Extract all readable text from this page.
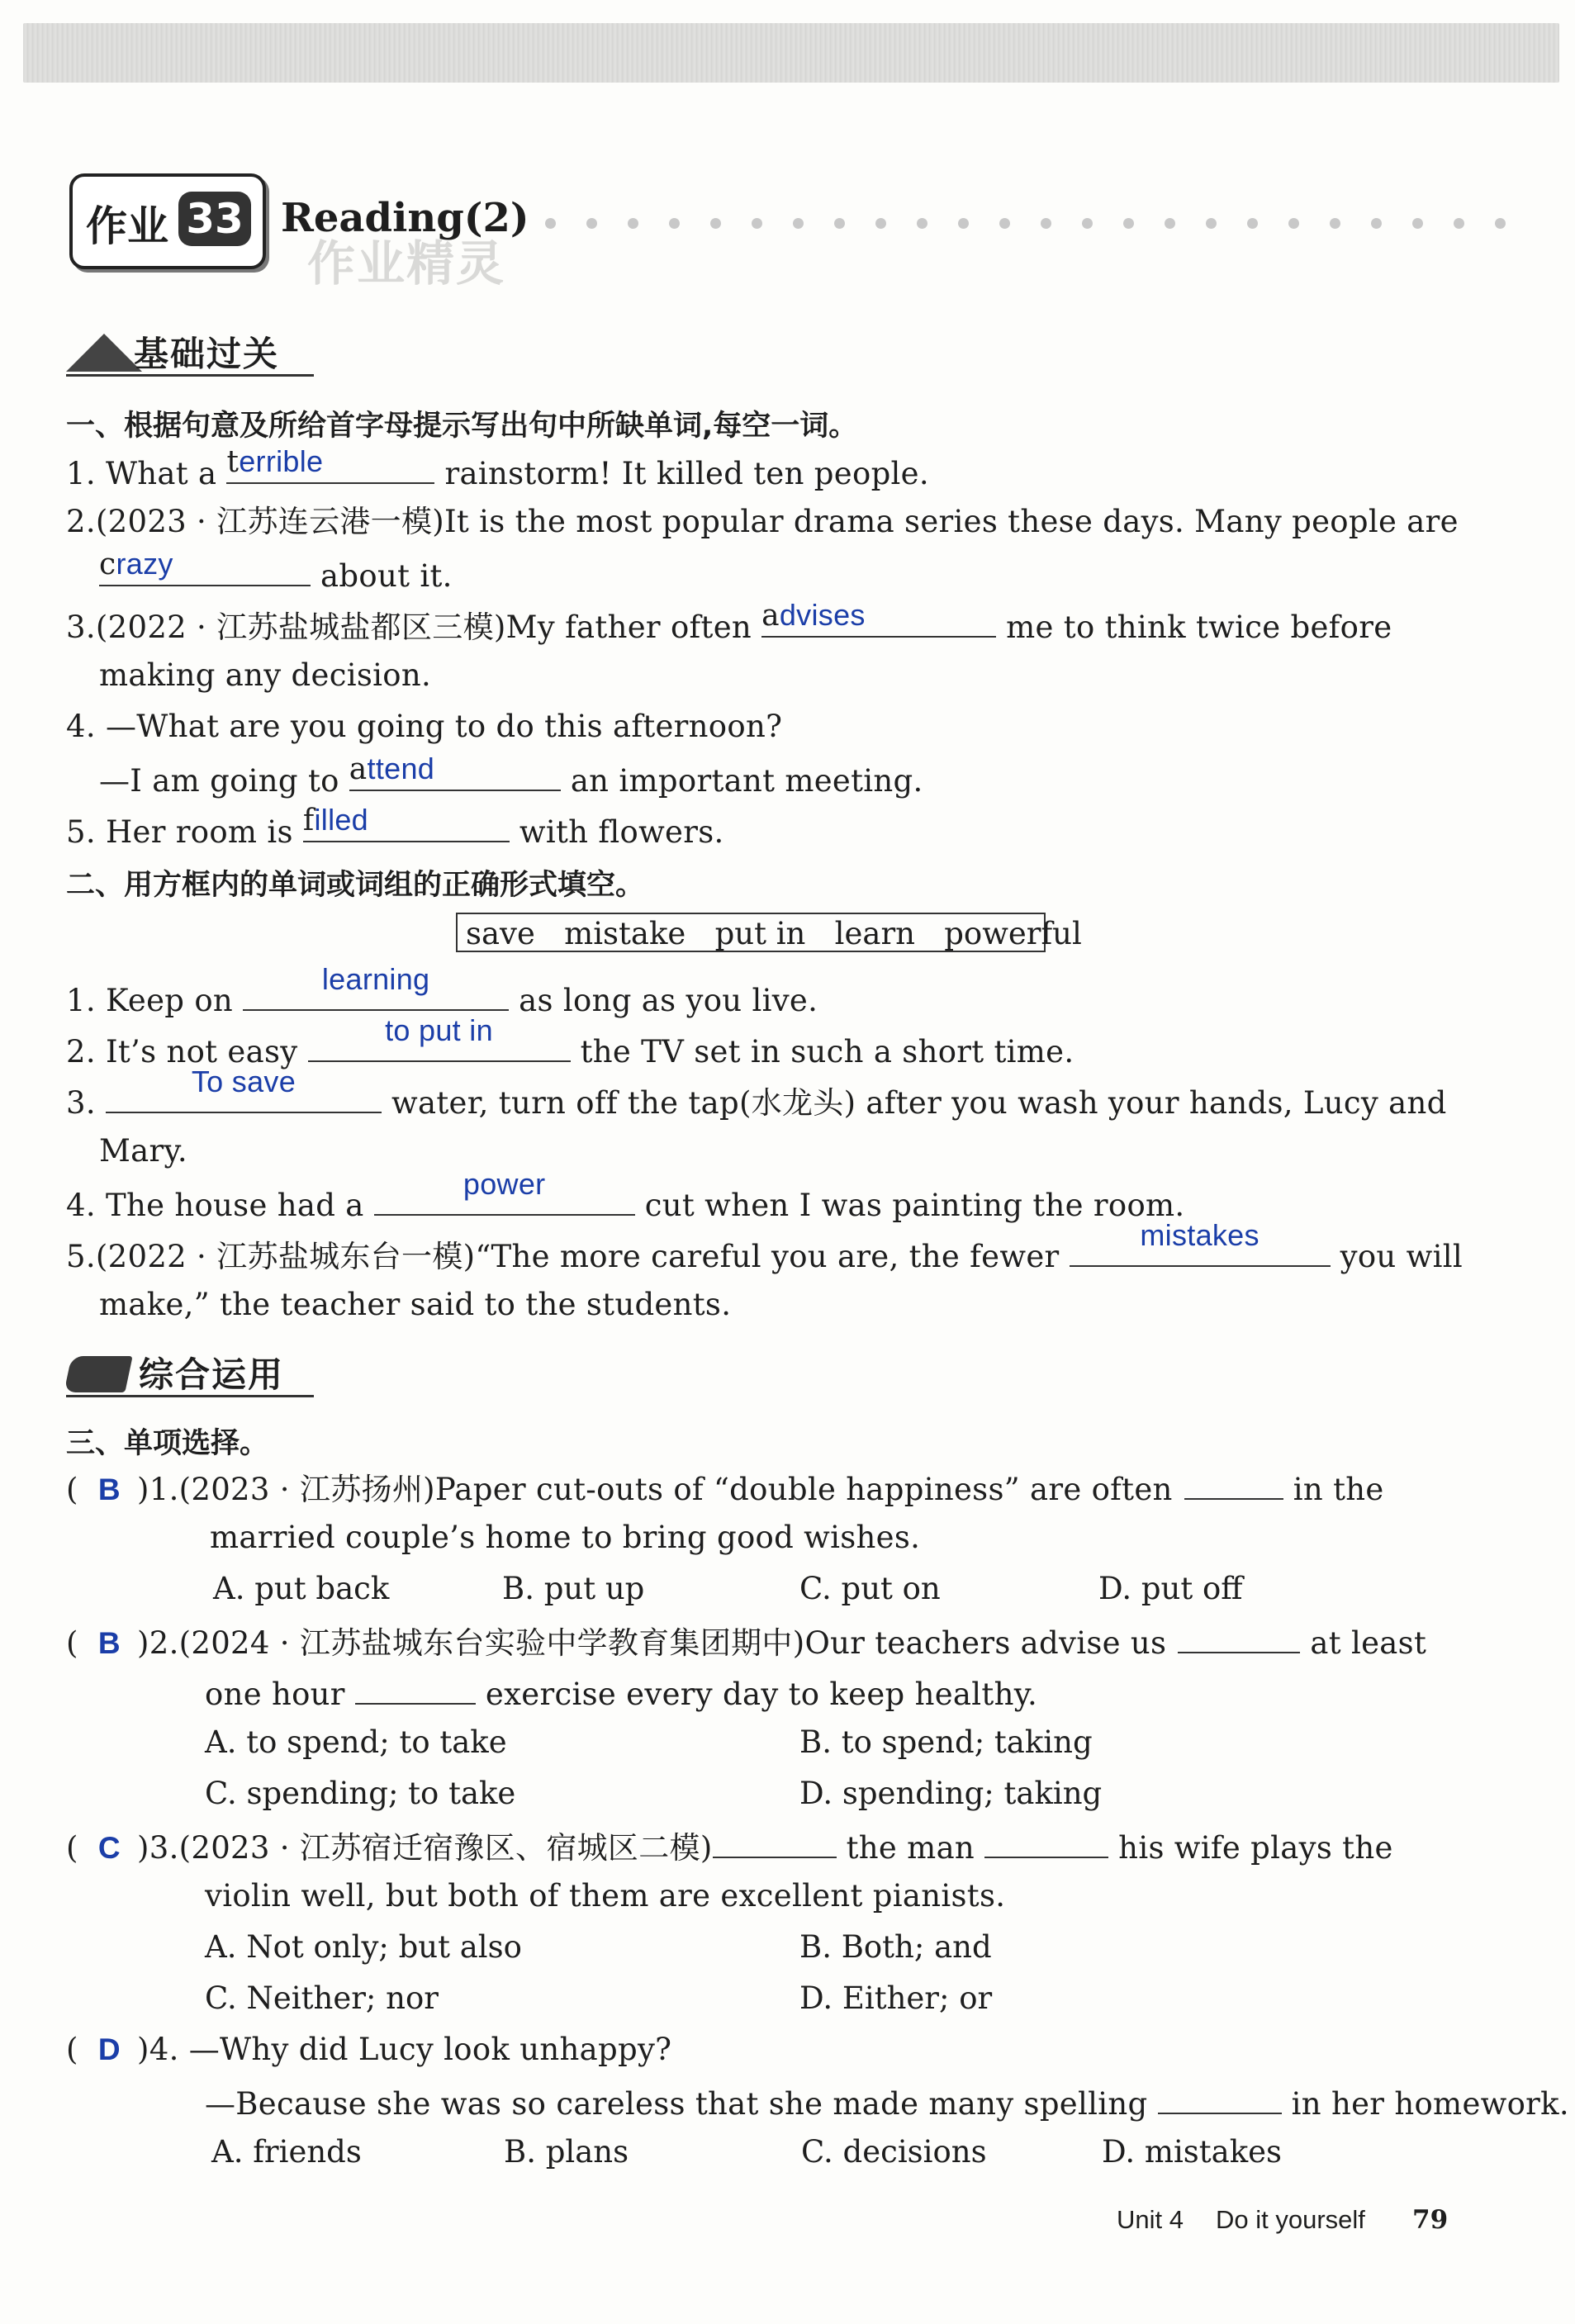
作业 33 Reading(2)
作业精灵
基础过关
一、根据句意及所给首字母提示写出句中所缺单词,每空一词。
1. What a terrible	rainstorm! It killed ten people.
2.(2023 · 江苏连云港一模)It is the most popular drama series these days. Many people are
crazy	about it.
3.(2022 · 江苏盐城盐都区三模)My father often advises	me to think twice before
making any decision.
4. —What are you going to do this afternoon?
—I am going to attend	an important meeting.
5. Her room is filled	with flowers.
二、用方框内的单词或词组的正确形式填空。
save   mistake   put in   learn   powerful
1. Keep on
learning
as long as you live.
2. It’s not easy
to put in
the TV set in such a short time.
3.
To save
water, turn off the tap(水龙头) after you wash your hands, Lucy and
Mary.
4. The house had a
power
cut when I was painting the room.
5.(2022 · 江苏盐城东台一模)“The more careful you are, the fewer
mistakes
you will
make,” the teacher said to the students.
综合运用
三、单项选择。
(  B )1.(2023 · 江苏扬州)Paper cut-outs of “double happiness” are often	in the
married couple’s home to bring good wishes.
A. put back	B. put up	C. put on	D. put off
(  B )2.(2024 · 江苏盐城东台实验中学教育集团期中)Our teachers advise us	at least
one hour	exercise every day to keep healthy.
A. to spend; to take	B. to spend; taking
C. spending; to take	D. spending; taking
(  C )3.(2023 · 江苏宿迁宿豫区、宿城区二模)	the man	his wife plays the
violin well, but both of them are excellent pianists.
A. Not only; but also	B. Both; and
C. Neither; nor	D. Either; or
(  D )4. —Why did Lucy look unhappy?
—Because she was so careless that she made many spelling	in her homework.
A. friends	B. plans	C. decisions	D. mistakes
Unit 4 Do it yourself 79
